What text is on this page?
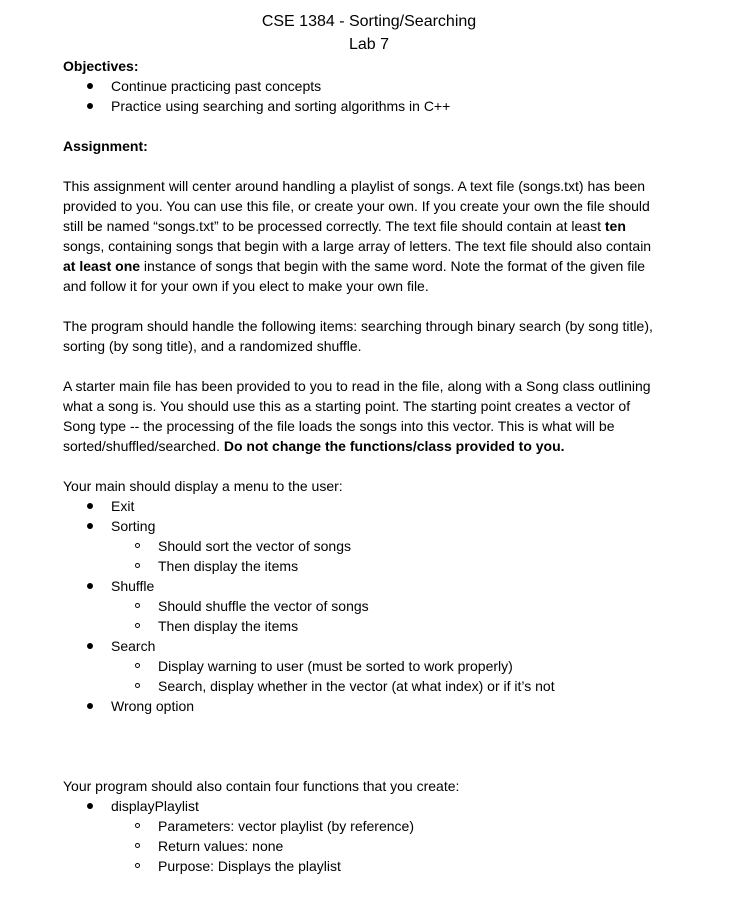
CSE 1384 - Sorting/Searching
Lab 7
Objectives:
Continue practicing past concepts
Practice using searching and sorting algorithms in C++
Assignment:
This assignment will center around handling a playlist of songs. A text file (songs.txt) has been
provided to you. You can use this file, or create your own. If you create your own the file should
still be named “songs.txt” to be processed correctly. The text file should contain at least ten
songs, containing songs that begin with a large array of letters. The text file should also contain
at least one instance of songs that begin with the same word. Note the format of the given file
and follow it for your own if you elect to make your own file.
The program should handle the following items: searching through binary search (by song title),
sorting (by song title), and a randomized shuffle.
A starter main file has been provided to you to read in the file, along with a Song class outlining
what a song is. You should use this as a starting point. The starting point creates a vector of
Song type -- the processing of the file loads the songs into this vector. This is what will be
sorted/shuffled/searched. Do not change the functions/class provided to you.
Your main should display a menu to the user:
Exit
Sorting
Should sort the vector of songs
Then display the items
Shuffle
Should shuffle the vector of songs
Then display the items
Search
Display warning to user (must be sorted to work properly)
Search, display whether in the vector (at what index) or if it’s not
Wrong option
Your program should also contain four functions that you create:
displayPlaylist
Parameters: vector playlist (by reference)
Return values: none
Purpose: Displays the playlist
